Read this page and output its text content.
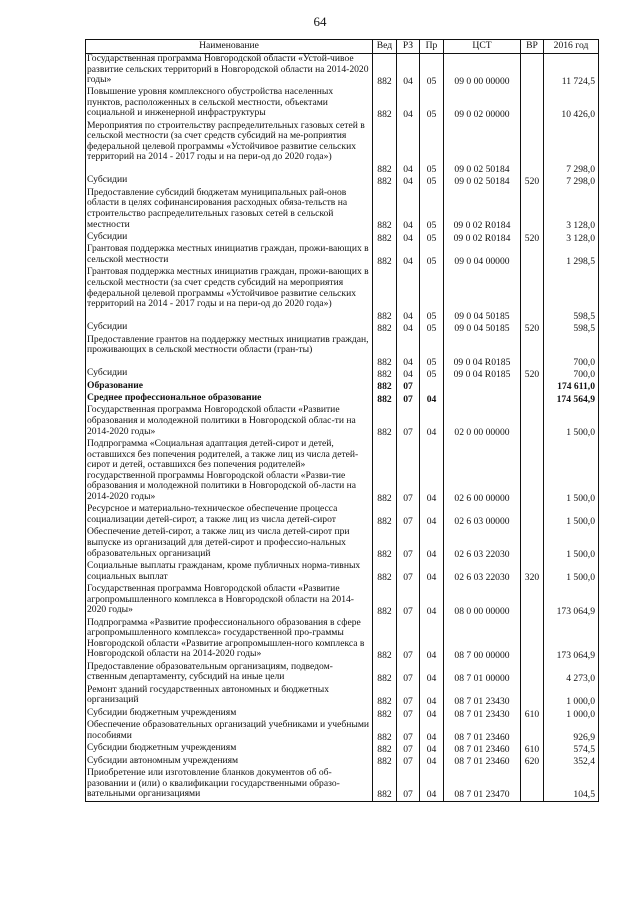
64
Наименование	Вед	РЗ	Пр	ЦСТ	ВР	2016 год
Государственная программа Новгородской области «Устой-чивое развитие сельских территорий в Новгородской области на 2014-2020 годы»	882	04	05	09 0 00 00000		11 724,5
Повышение уровня комплексного обустройства населенных пунктов, расположенных в сельской местности, объектами социальной и инженерной инфраструктуры	882	04	05	09 0 02 00000		10 426,0
Мероприятия по строительству распределительных газовых сетей в сельской местности (за счет средств субсидий на ме-роприятия федеральной целевой программы «Устойчивое развитие сельских территорий на 2014 - 2017 годы и на пери-од до 2020 года»)	882	04	05	09 0 02 50184		7 298,0
Субсидии	882	04	05	09 0 02 50184	520	7 298,0
Предоставление субсидий бюджетам муниципальных рай-онов области в целях софинансирования расходных обяза-тельств на строительство распределительных газовых сетей в сельской местности	882	04	05	09 0 02 R0184		3 128,0
Субсидии	882	04	05	09 0 02 R0184	520	3 128,0
Грантовая поддержка местных инициатив граждан, прожи-вающих в сельской местности	882	04	05	09 0 04 00000		1 298,5
Грантовая поддержка местных инициатив граждан, прожи-вающих в сельской местности (за счет средств субсидий на мероприятия федеральной целевой программы «Устойчивое развитие сельских территорий на 2014 - 2017 годы и на пери-од до 2020 года»)	882	04	05	09 0 04 50185		598,5
Субсидии	882	04	05	09 0 04 50185	520	598,5
Предоставление грантов на поддержку местных инициатив граждан, проживающих в сельской местности области (гран-ты)	882	04	05	09 0 04 R0185		700,0
Субсидии	882	04	05	09 0 04 R0185	520	700,0
Образование	882	07				174 611,0
Среднее профессиональное образование	882	07	04			174 564,9
Государственная программа Новгородской области «Развитие образования и молодежной политики в Новгородской облас-ти на 2014-2020 годы»	882	07	04	02 0 00 00000		1 500,0
Подпрограмма «Социальная адаптация детей-сирот и детей, оставшихся без попечения родителей, а также лиц из числа детей-сирот и детей, оставшихся без попечения родителей» государственной программы Новгородской области «Разви-тие образования и молодежной политики в Новгородской об-ласти на 2014-2020 годы»	882	07	04	02 6 00 00000		1 500,0
Ресурсное и материально-техническое обеспечение процесса социализации детей-сирот, а также лиц из числа детей-сирот	882	07	04	02 6 03 00000		1 500,0
Обеспечение детей-сирот, а также лиц из числа детей-сирот при выпуске из организаций для детей-сирот и профессио-нальных образовательных организаций	882	07	04	02 6 03 22030		1 500,0
Социальные выплаты гражданам, кроме публичных норма-тивных социальных выплат	882	07	04	02 6 03 22030	320	1 500,0
Государственная программа Новгородской области «Развитие агропромышленного комплекса в Новгородской области на 2014-2020 годы»	882	07	04	08 0 00 00000		173 064,9
Подпрограмма «Развитие профессионального образования в сфере агропромышленного комплекса» государственной про-граммы Новгородской области «Развитие агропромышлен-ного комплекса в Новгородской области на 2014-2020 годы»	882	07	04	08 7 00 00000		173 064,9
Предоставление образовательным организациям, подведом-ственным департаменту, субсидий на иные цели	882	07	04	08 7 01 00000		4 273,0
Ремонт зданий государственных автономных и бюджетных организаций	882	07	04	08 7 01 23430		1 000,0
Субсидии бюджетным учреждениям	882	07	04	08 7 01 23430	610	1 000,0
Обеспечение образовательных организаций учебниками и учебными пособиями	882	07	04	08 7 01 23460		926,9
Субсидии бюджетным учреждениям	882	07	04	08 7 01 23460	610	574,5
Субсидии автономным учреждениям	882	07	04	08 7 01 23460	620	352,4
Приобретение или изготовление бланков документов об об-разовании и (или) о квалификации государственными образо-вательными организациями	882	07	04	08 7 01 23470		104,5
